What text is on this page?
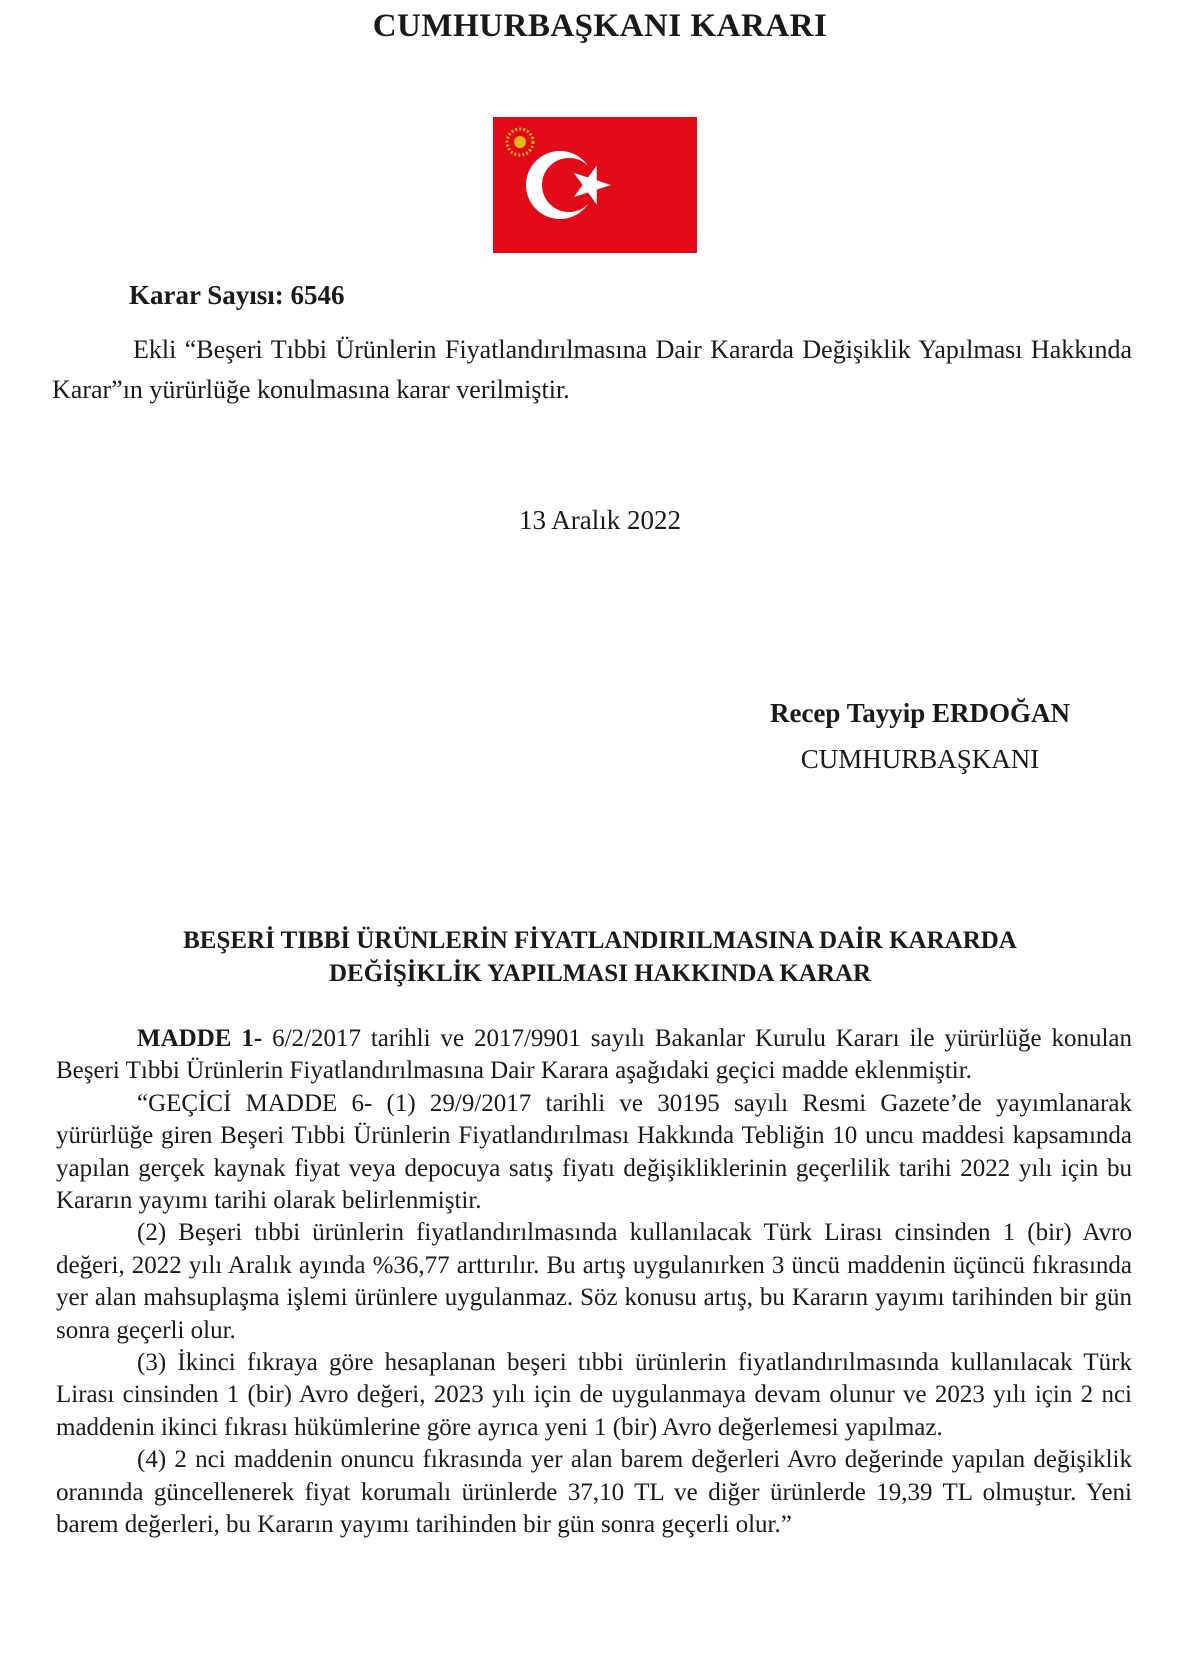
CUMHURBAŞKANI KARARI
Karar Sayısı: 6546
Ekli “Beşeri Tıbbi Ürünlerin Fiyatlandırılmasına Dair Kararda Değişiklik Yapılması Hakkında Karar”ın yürürlüğe konulmasına karar verilmiştir.
13 Aralık 2022
Recep Tayyip ERDOĞAN
CUMHURBAŞKANI
BEŞERİ TIBBİ ÜRÜNLERİN FİYATLANDIRILMASINA DAİR KARARDA
DEĞİŞİKLİK YAPILMASI HAKKINDA KARAR

MADDE 1- 6/2/2017 tarihli ve 2017/9901 sayılı Bakanlar Kurulu Kararı ile yürürlüğe konulan Beşeri Tıbbi Ürünlerin Fiyatlandırılmasına Dair Karara aşağıdaki geçici madde eklenmiştir.

“GEÇİCİ MADDE 6- (1) 29/9/2017 tarihli ve 30195 sayılı Resmi Gazete’de yayımlanarak yürürlüğe giren Beşeri Tıbbi Ürünlerin Fiyatlandırılması Hakkında Tebliğin 10 uncu maddesi kapsamında yapılan gerçek kaynak fiyat veya depocuya satış fiyatı değişikliklerinin geçerlilik tarihi 2022 yılı için bu Kararın yayımı tarihi olarak belirlenmiştir.

(2) Beşeri tıbbi ürünlerin fiyatlandırılmasında kullanılacak Türk Lirası cinsinden 1 (bir) Avro değeri, 2022 yılı Aralık ayında %36,77 arttırılır. Bu artış uygulanırken 3 üncü maddenin üçüncü fıkrasında yer alan mahsuplaşma işlemi ürünlere uygulanmaz. Söz konusu artış, bu Kararın yayımı tarihinden bir gün sonra geçerli olur.

(3) İkinci fıkraya göre hesaplanan beşeri tıbbi ürünlerin fiyatlandırılmasında kullanılacak Türk Lirası cinsinden 1 (bir) Avro değeri, 2023 yılı için de uygulanmaya devam olunur ve 2023 yılı için 2 nci maddenin ikinci fıkrası hükümlerine göre ayrıca yeni 1 (bir) Avro değerlemesi yapılmaz.

(4) 2 nci maddenin onuncu fıkrasında yer alan barem değerleri Avro değerinde yapılan değişiklik oranında güncellenerek fiyat korumalı ürünlerde 37,10 TL ve diğer ürünlerde 19,39 TL olmuştur. Yeni barem değerleri, bu Kararın yayımı tarihinden bir gün sonra geçerli olur.”
